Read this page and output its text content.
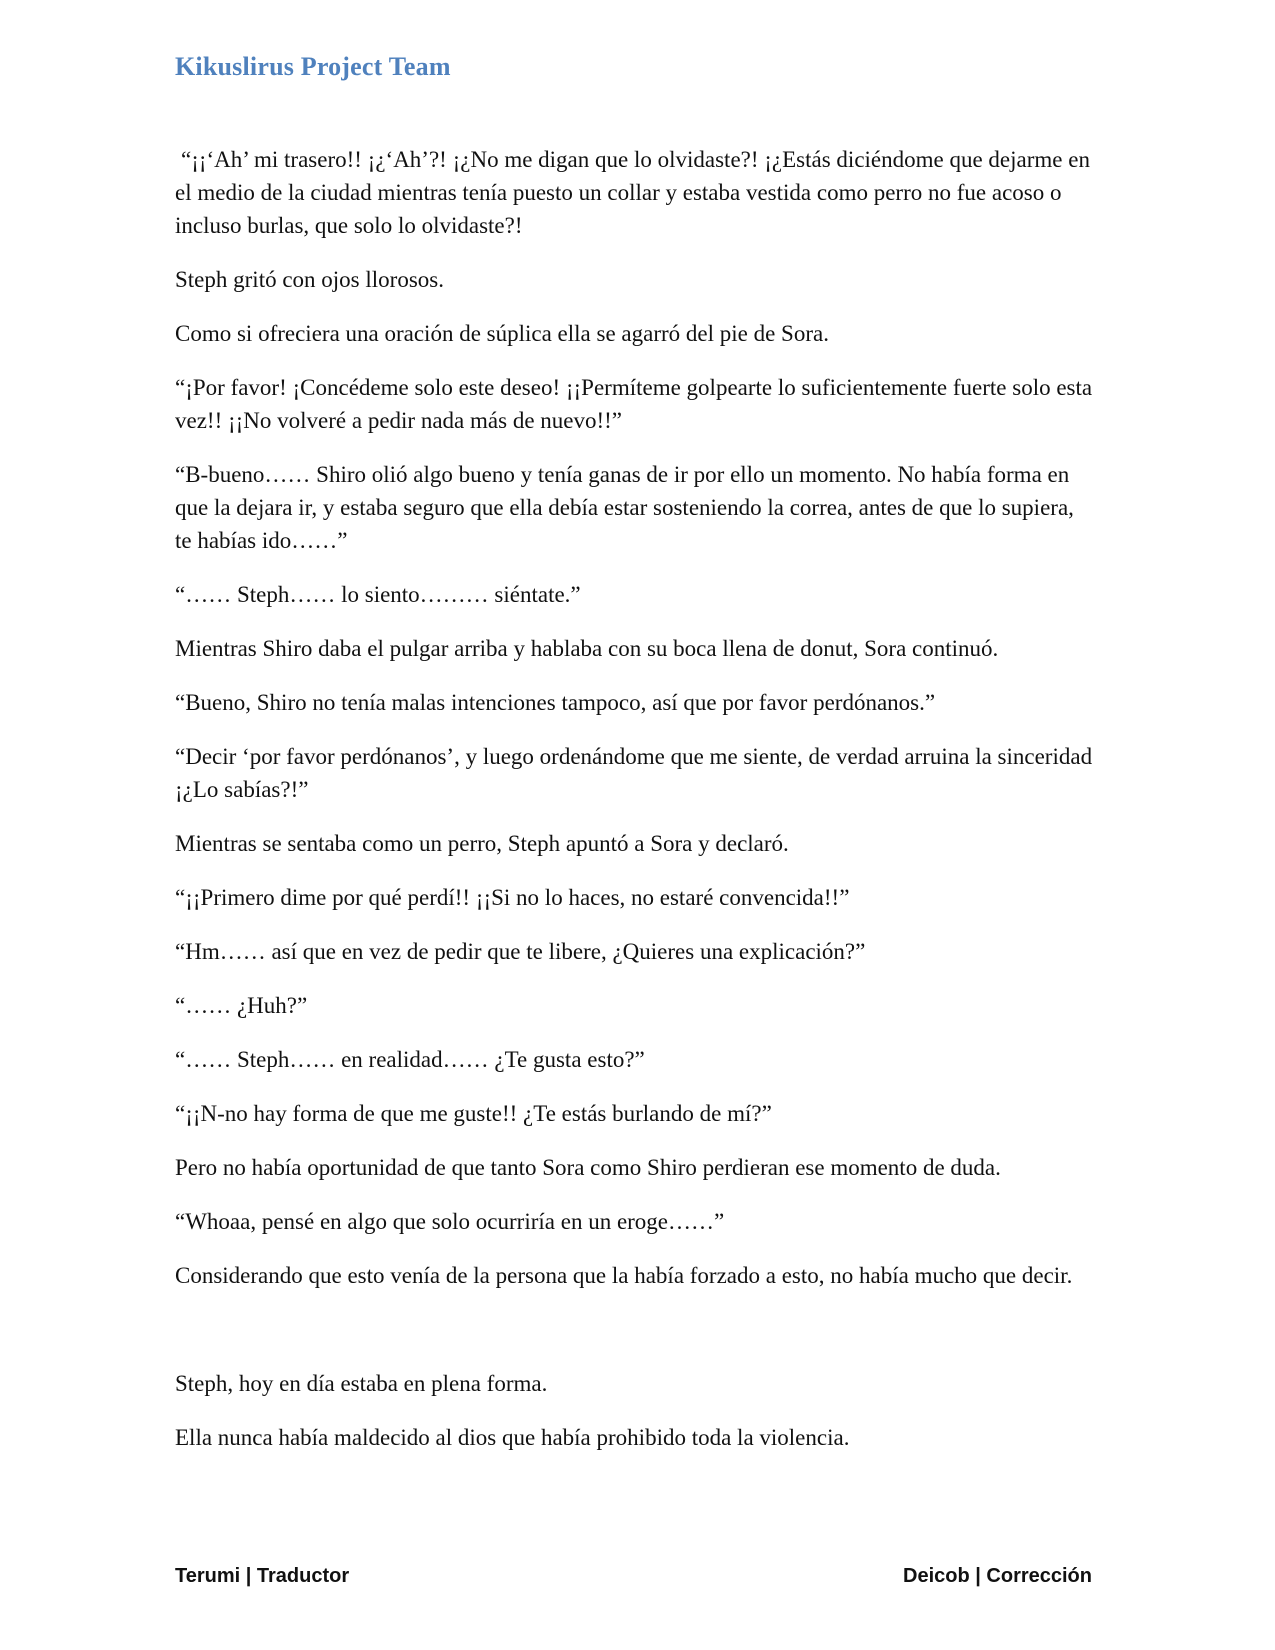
Kikuslirus Project Team

“¡¡‘Ah’ mi trasero!! ¡¿‘Ah’?! ¡¿No me digan que lo olvidaste?! ¡¿Estás diciéndome que dejarme en el medio de la ciudad mientras tenía puesto un collar y estaba vestida como perro no fue acoso o incluso burlas, que solo lo olvidaste?!

Steph gritó con ojos llorosos.

Como si ofreciera una oración de súplica ella se agarró del pie de Sora.

“¡Por favor! ¡Concédeme solo este deseo! ¡¡Permíteme golpearte lo suficientemente fuerte solo esta vez!! ¡¡No volveré a pedir nada más de nuevo!!”

“B-bueno…… Shiro olió algo bueno y tenía ganas de ir por ello un momento. No había forma en que la dejara ir, y estaba seguro que ella debía estar sosteniendo la correa, antes de que lo supiera, te habías ido……”

“…… Steph…… lo siento……… siéntate.”

Mientras Shiro daba el pulgar arriba y hablaba con su boca llena de donut, Sora continuó.

“Bueno, Shiro no tenía malas intenciones tampoco, así que por favor perdónanos.”

“Decir ‘por favor perdónanos’, y luego ordenándome que me siente, de verdad arruina la sinceridad ¡¿Lo sabías?!”

Mientras se sentaba como un perro, Steph apuntó a Sora y declaró.

“¡¡Primero dime por qué perdí!! ¡¡Si no lo haces, no estaré convencida!!”

“Hm…… así que en vez de pedir que te libere, ¿Quieres una explicación?”

“…… ¿Huh?”

“…… Steph…… en realidad…… ¿Te gusta esto?”

“¡¡N-no hay forma de que me guste!! ¿Te estás burlando de mí?”

Pero no había oportunidad de que tanto Sora como Shiro perdieran ese momento de duda.

“Whoaa, pensé en algo que solo ocurriría en un eroge……”

Considerando que esto venía de la persona que la había forzado a esto, no había mucho que decir.

Steph, hoy en día estaba en plena forma.

Ella nunca había maldecido al dios que había prohibido toda la violencia.

Terumi | Traductor	Deicob | Corrección
